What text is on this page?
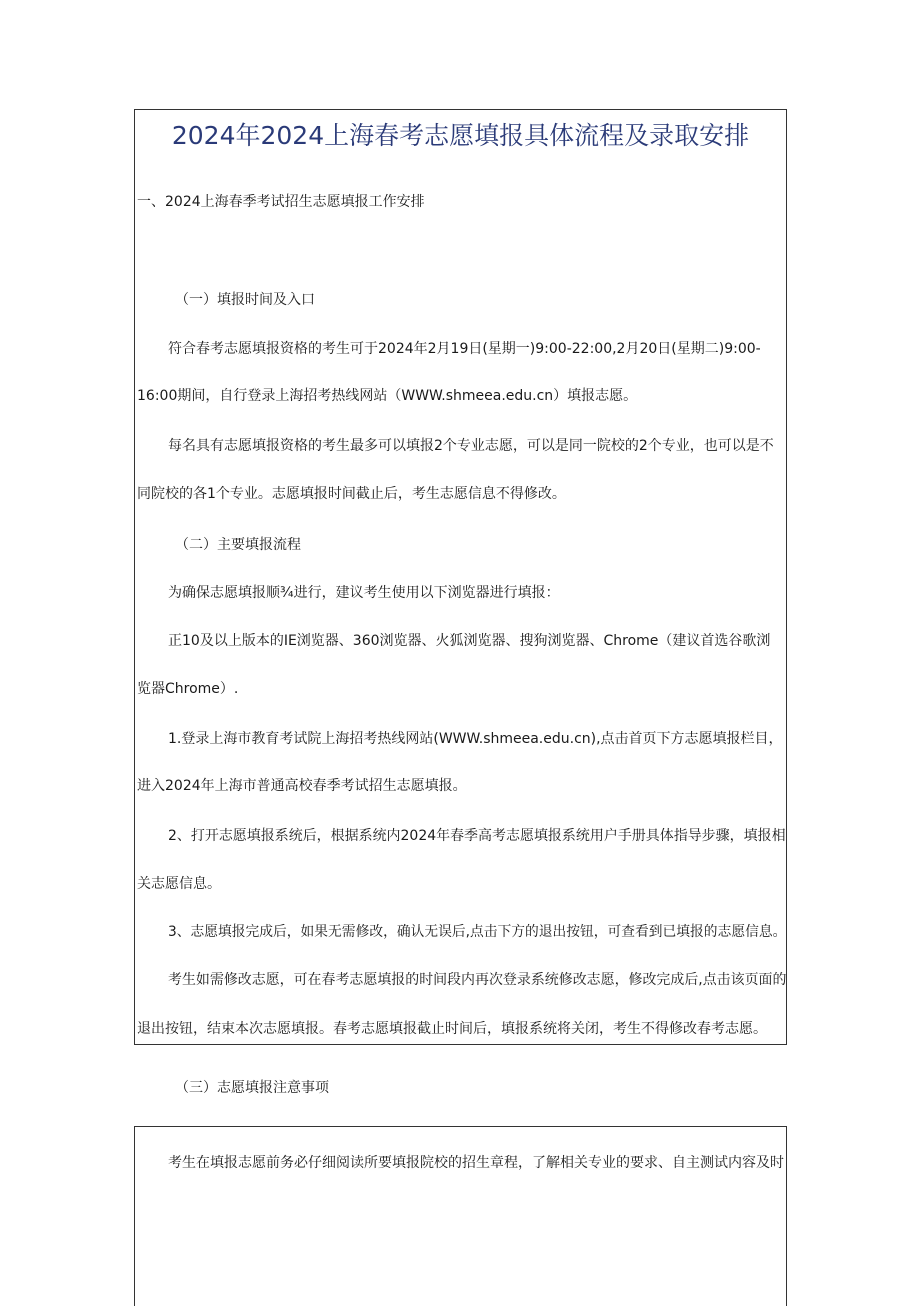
2024年2024上海春考志愿填报具体流程及录取安排
一、2024上海春季考试招生志愿填报工作安排
（一）填报时间及入口
符合春考志愿填报资格的考生可于2024年2月19日(星期一)9:00-22:00,2月20日(星期二)9:00-
16:00期间，自行登录上海招考热线网站（WWW.shmeea.edu.cn）填报志愿。
每名具有志愿填报资格的考生最多可以填报2个专业志愿，可以是同一院校的2个专业，也可以是不
同院校的各1个专业。志愿填报时间截止后，考生志愿信息不得修改。
（二）主要填报流程
为确保志愿填报顺¾进行，建议考生使用以下浏览器进行填报：
正10及以上版本的IE浏览器、360浏览器、火狐浏览器、搜狗浏览器、Chrome（建议首选谷歌浏
览器Chrome）.
1.登录上海市教育考试院上海招考热线网站(WWW.shmeea.edu.cn),点击首页下方志愿填报栏目，
进入2024年上海市普通高校春季考试招生志愿填报。
2、打开志愿填报系统后，根据系统内2024年春季高考志愿填报系统用户手册具体指导步骤，填报相
关志愿信息。
3、志愿填报完成后，如果无需修改，确认无误后,点击下方的退出按钮，可查看到已填报的志愿信息。
考生如需修改志愿，可在春考志愿填报的时间段内再次登录系统修改志愿，修改完成后,点击该页面的
退出按钮，结束本次志愿填报。春考志愿填报截止时间后，填报系统将关闭，考生不得修改春考志愿。
（三）志愿填报注意事项
考生在填报志愿前务必仔细阅读所要填报院校的招生章程，了解相关专业的要求、自主测试内容及时
